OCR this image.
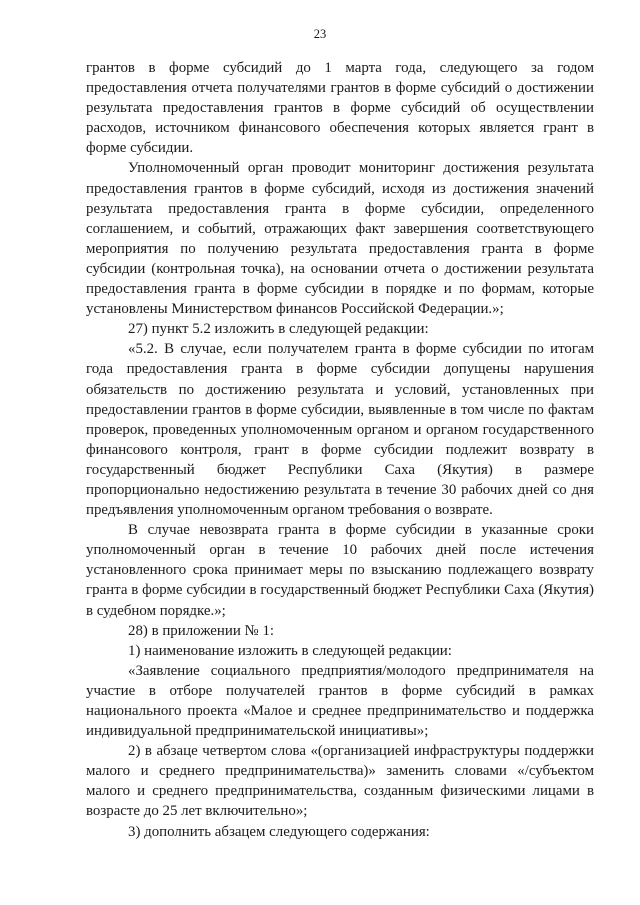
23

грантов в форме субсидий до 1 марта года, следующего за годом предоставления отчета получателями грантов в форме субсидий о достижении результата предоставления грантов в форме субсидий об осуществлении расходов, источником финансового обеспечения которых является грант в форме субсидии.

Уполномоченный орган проводит мониторинг достижения результата предоставления грантов в форме субсидий, исходя из достижения значений результата предоставления гранта в форме субсидии, определенного соглашением, и событий, отражающих факт завершения соответствующего мероприятия по получению результата предоставления гранта в форме субсидии (контрольная точка), на основании отчета о достижении результата предоставления гранта в форме субсидии в порядке и по формам, которые установлены Министерством финансов Российской Федерации.»;

27) пункт 5.2 изложить в следующей редакции:

«5.2. В случае, если получателем гранта в форме субсидии по итогам года предоставления гранта в форме субсидии допущены нарушения обязательств по достижению результата и условий, установленных при предоставлении грантов в форме субсидии, выявленные в том числе по фактам проверок, проведенных уполномоченным органом и органом государственного финансового контроля, грант в форме субсидии подлежит возврату в государственный бюджет Республики Саха (Якутия) в размере пропорционально недостижению результата в течение 30 рабочих дней со дня предъявления уполномоченным органом требования о возврате.

В случае невозврата гранта в форме субсидии в указанные сроки уполномоченный орган в течение 10 рабочих дней после истечения установленного срока принимает меры по взысканию подлежащего возврату гранта в форме субсидии в государственный бюджет Республики Саха (Якутия) в судебном порядке.»;

28) в приложении № 1:

1) наименование изложить в следующей редакции:

«Заявление социального предприятия/молодого предпринимателя на участие в отборе получателей грантов в форме субсидий в рамках национального проекта «Малое и среднее предпринимательство и поддержка индивидуальной предпринимательской инициативы»;

2) в абзаце четвертом слова «(организацией инфраструктуры поддержки малого и среднего предпринимательства)» заменить словами «/субъектом малого и среднего предпринимательства, созданным физическими лицами в возрасте до 25 лет включительно»;

3) дополнить абзацем следующего содержания:
